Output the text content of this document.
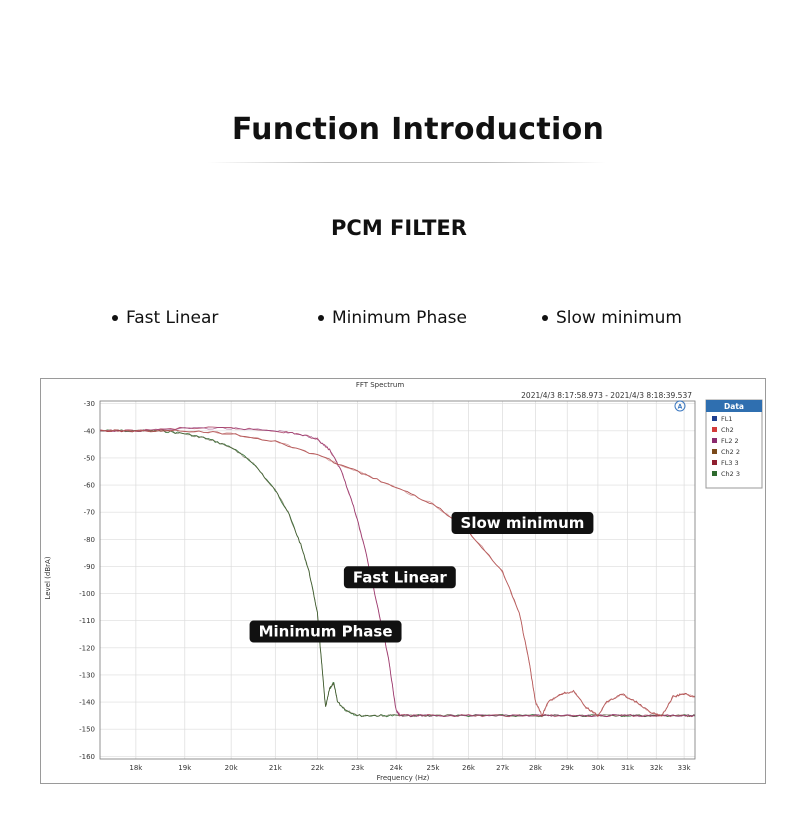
Function Introduction
PCM FILTER
Fast Linear	Minimum Phase	Slow minimum
FFT Spectrum
2021/4/3 8:17:58.973 - 2021/4/3 8:18:39.537
-30
-40
-50
-60
-70
-80
-90
-100
-110
-120
-130
-140
-150
-160
18k	19k	20k	21k	22k	23k	24k	25k	26k	27k	28k	29k	30k 31k 32k 33k
Frequency (Hz)
Level (dBrA)
A	Data
FL1
Ch2
FL2 2
Ch2 2
FL3 3
Ch2 3
Slow minimum
Fast Linear
Minimum Phase
